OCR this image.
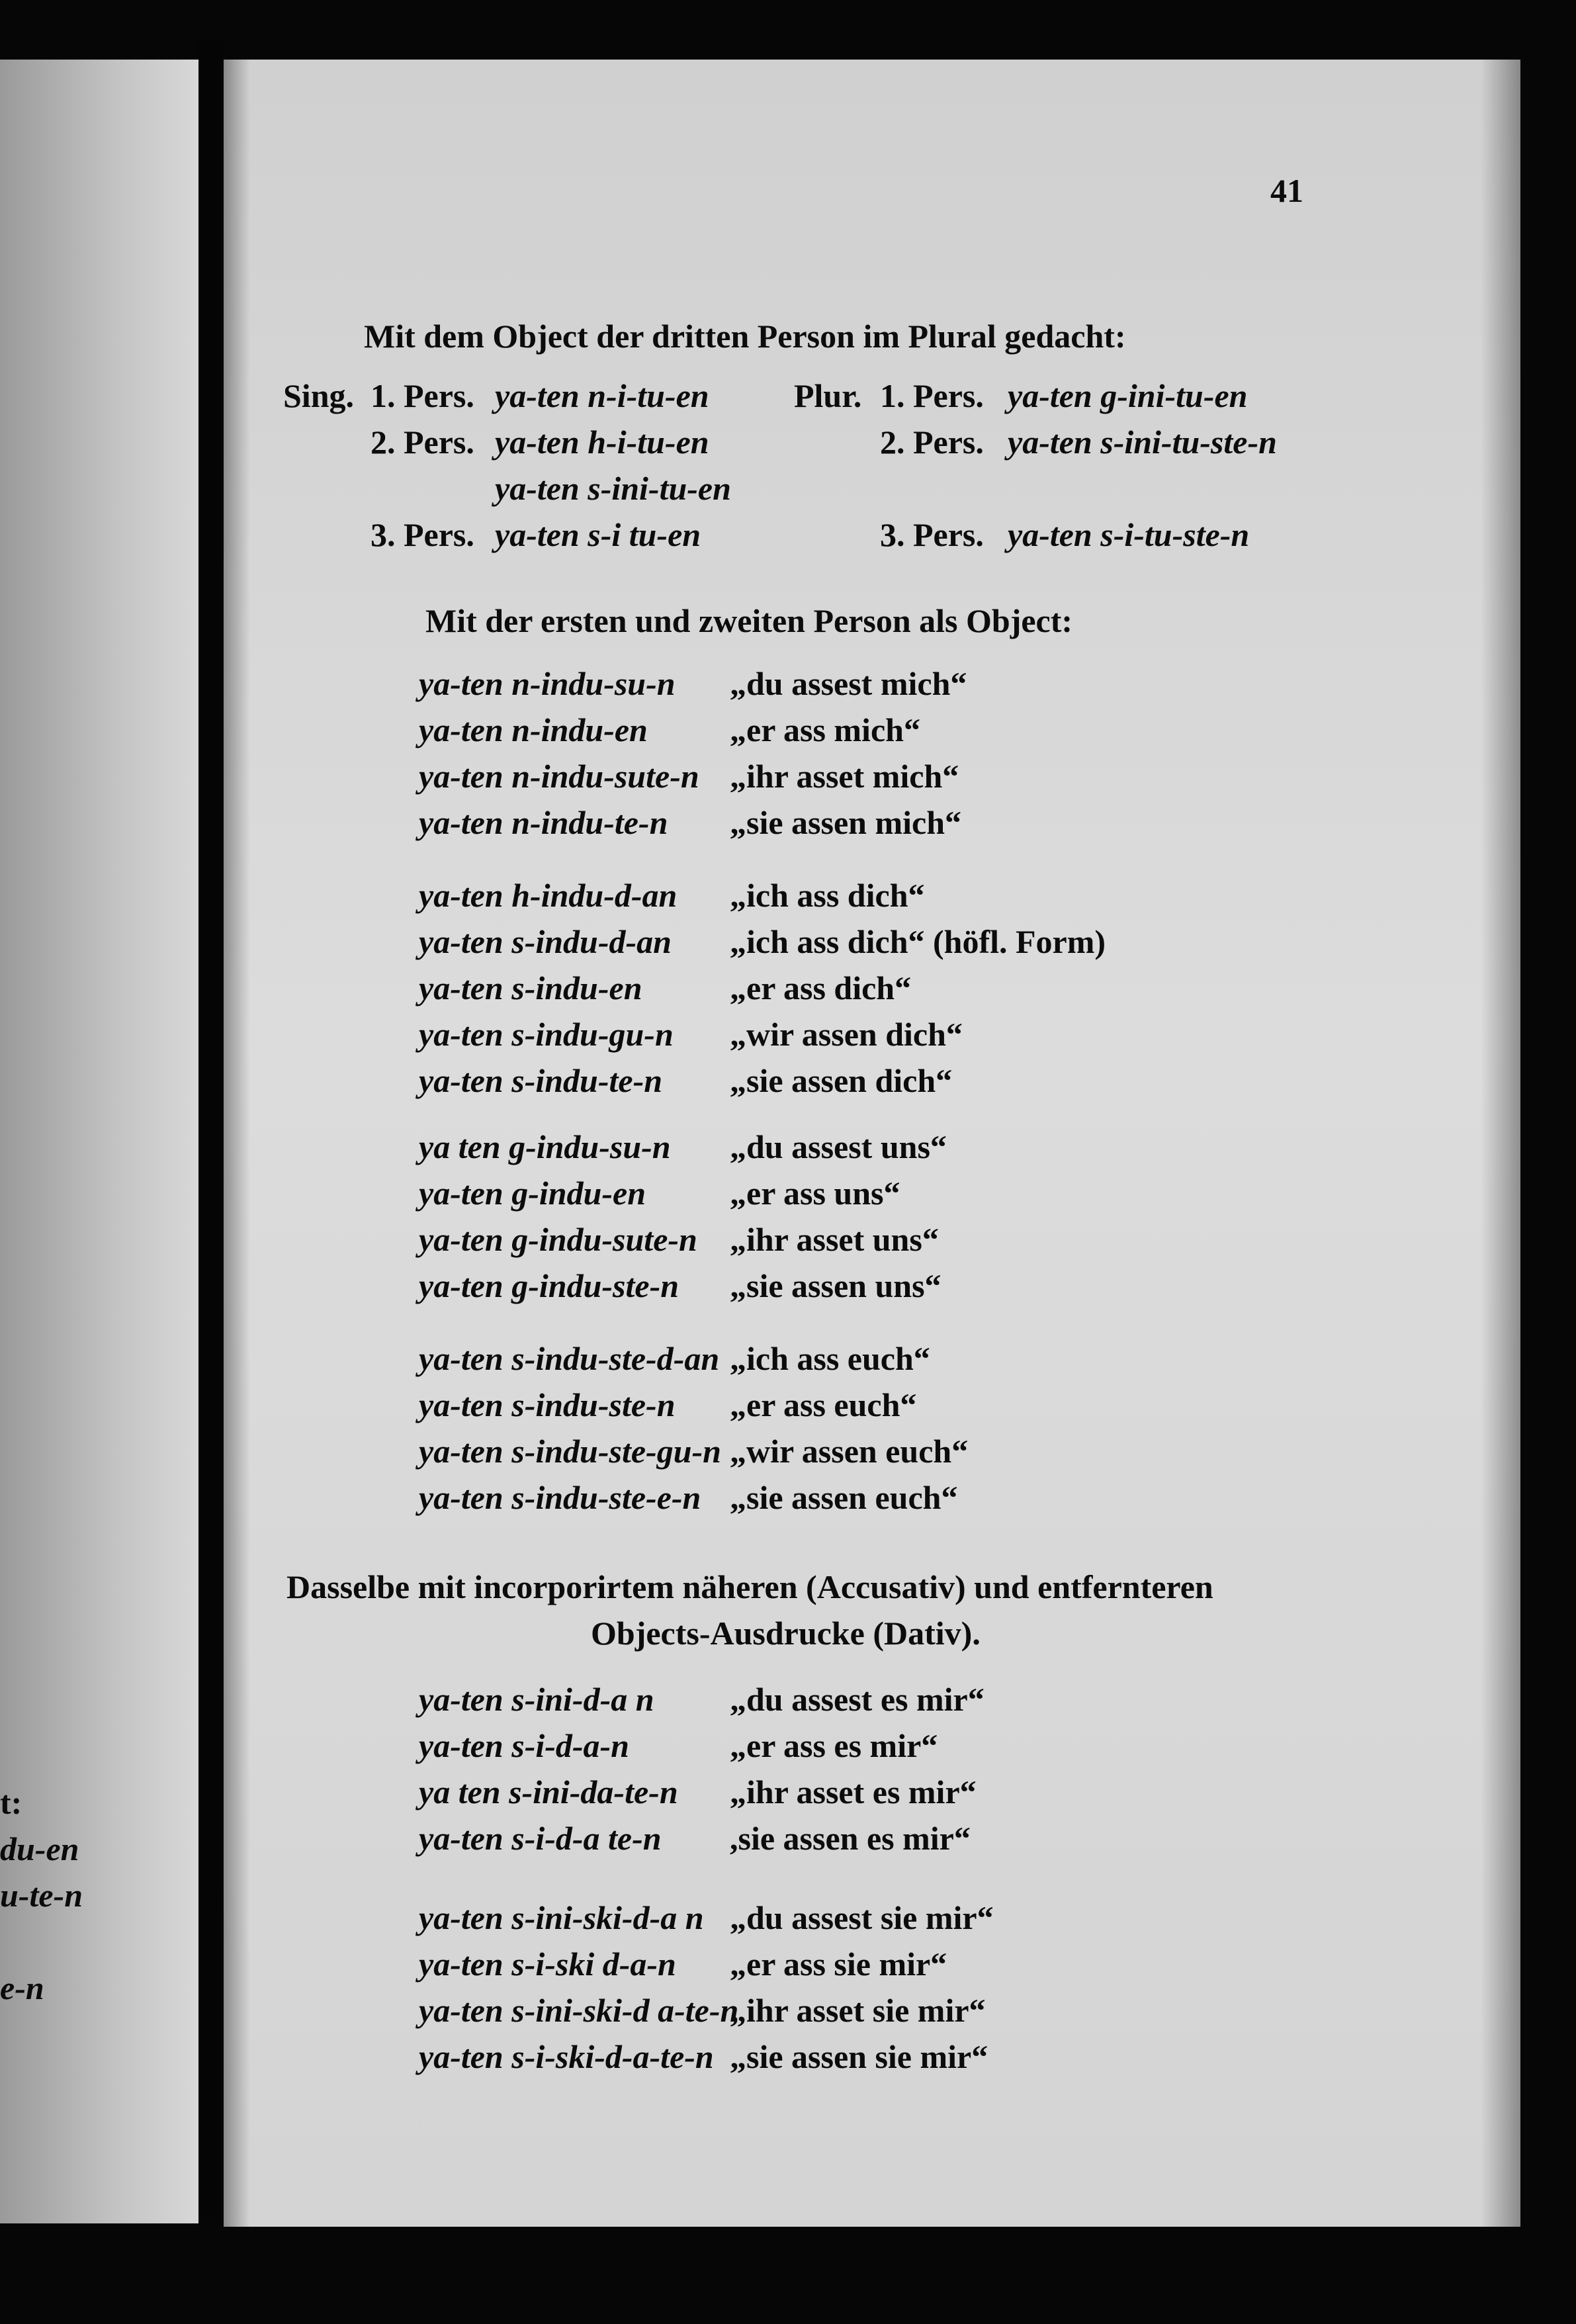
t:
du-en
u-te-n
e-n
41
Mit dem Object der dritten Person im Plural gedacht:
Sing. 1. Pers. ya-ten n-i-tu-en	Plur. 1. Pers. ya-ten g-ini-tu-en
2. Pers. ya-ten h-i-tu-en	2. Pers. ya-ten s-ini-tu-ste-n
ya-ten s-ini-tu-en
3. Pers. ya-ten s-i tu-en	3. Pers. ya-ten s-i-tu-ste-n
Mit der ersten und zweiten Person als Object:
ya-ten n-indu-su-n „du assest mich“
ya-ten n-indu-en „er ass mich“
ya-ten n-indu-sute-n „ihr asset mich“
ya-ten n-indu-te-n „sie assen mich“
ya-ten h-indu-d-an „ich ass dich“
ya-ten s-indu-d-an „ich ass dich“ (höfl. Form)
ya-ten s-indu-en	„er ass dich“
ya-ten s-indu-gu-n „wir assen dich“
ya-ten s-indu-te-n „sie assen dich“
ya ten g-indu-su-n „du assest uns“
ya-ten g-indu-en	„er ass uns“
ya-ten g-indu-sute-n „ihr asset uns“
ya-ten g-indu-ste-n „sie assen uns“
ya-ten s-indu-ste-d-an „ich ass euch“
ya-ten s-indu-ste-n „er ass euch“
ya-ten s-indu-ste-gu-n „wir assen euch“
ya-ten s-indu-ste-e-n „sie assen euch“
Dasselbe mit incorporirtem näheren (Accusativ) und entfernteren
Objects-Ausdrucke (Dativ).
ya-ten s-ini-d-a n „du assest es mir“
ya-ten s-i-d-a-n	„er ass es mir“
ya ten s-ini-da-te-n „ihr asset es mir“
ya-ten s-i-d-a te-n ,sie assen es mir“
ya-ten s-ini-ski-d-a n „du assest sie mir“
ya-ten s-i-ski d-a-n „er ass sie mir“
ya-ten s-ini-ski-d a-te-n„ihr asset sie mir“
ya-ten s-i-ski-d-a-te-n „sie assen sie mir“
